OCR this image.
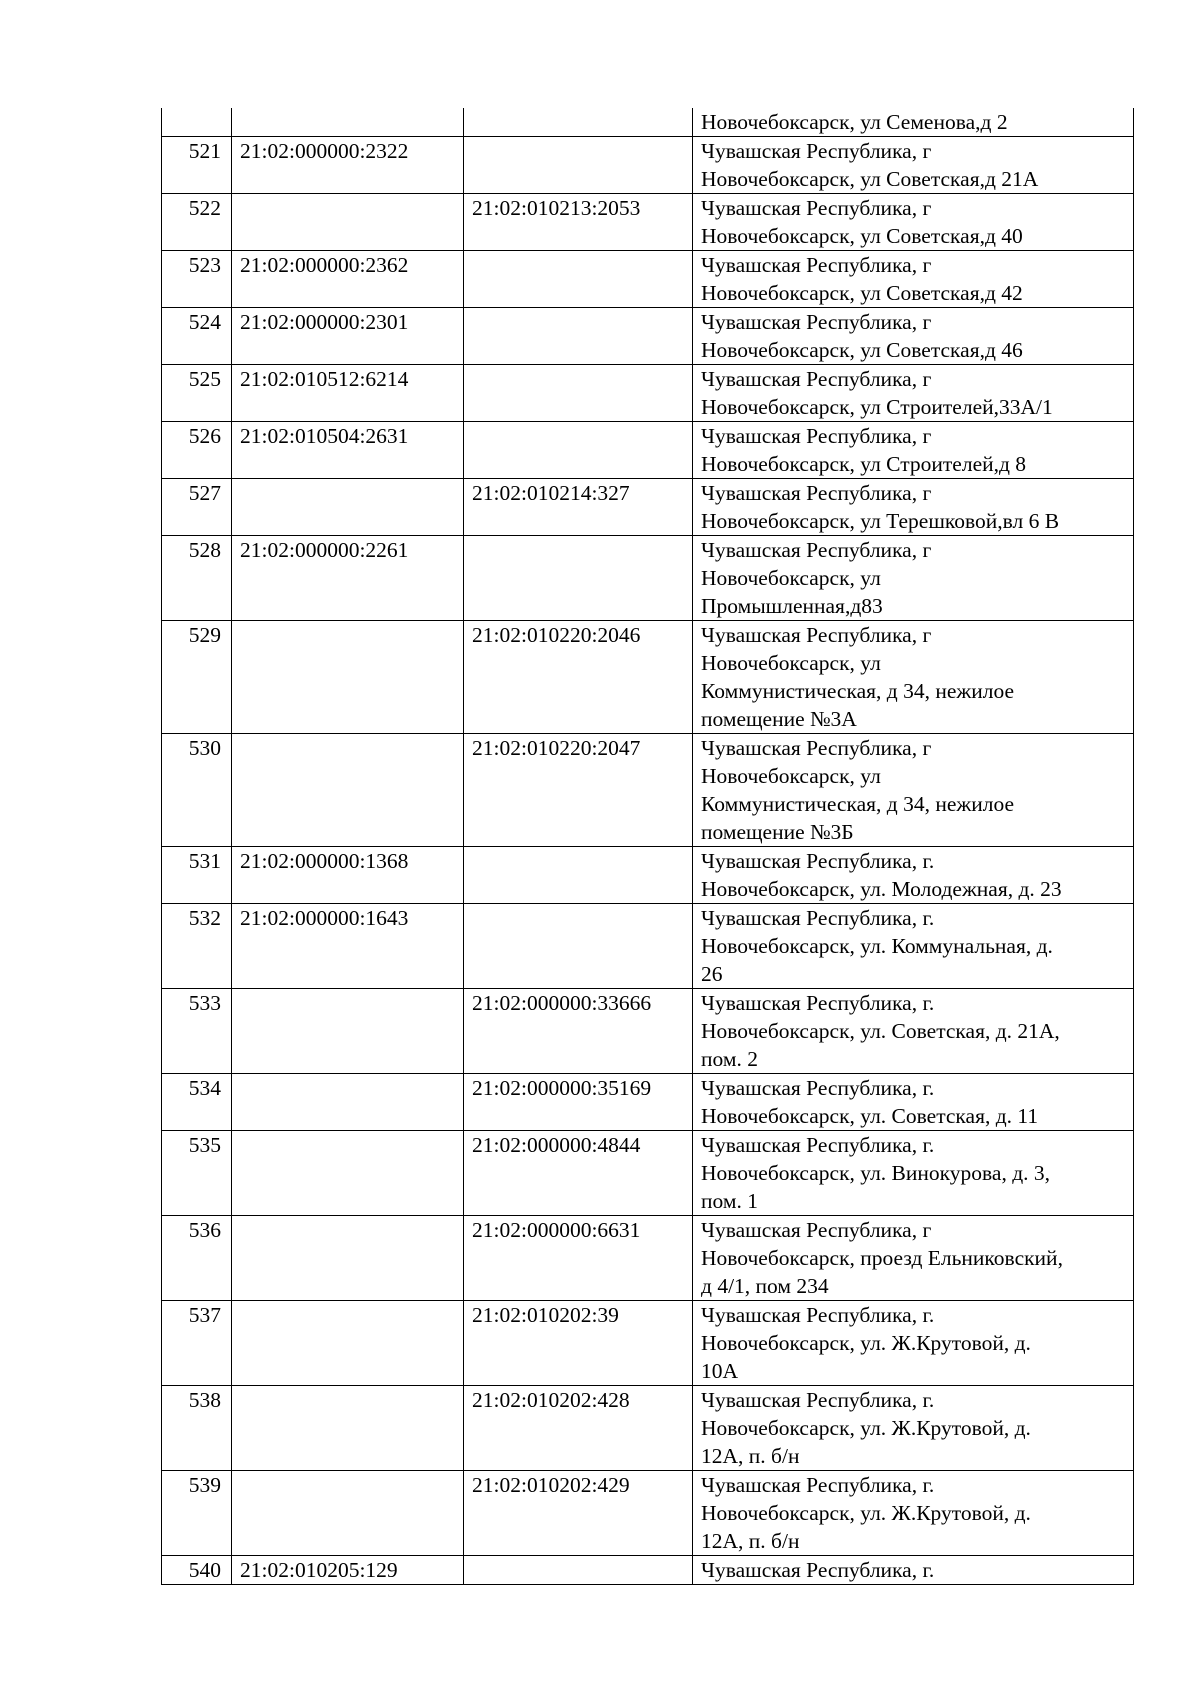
			Новочебоксарск, ул Семенова,д 2
521	21:02:000000:2322		Чувашская Республика, г
Новочебоксарск, ул Советская,д 21А
522		21:02:010213:2053	Чувашская Республика, г
Новочебоксарск, ул Советская,д 40
523	21:02:000000:2362		Чувашская Республика, г
Новочебоксарск, ул Советская,д 42
524	21:02:000000:2301		Чувашская Республика, г
Новочебоксарск, ул Советская,д 46
525	21:02:010512:6214		Чувашская Республика, г
Новочебоксарск, ул Строителей,33А/1
526	21:02:010504:2631		Чувашская Республика, г
Новочебоксарск, ул Строителей,д 8
527		21:02:010214:327	Чувашская Республика, г
Новочебоксарск, ул Терешковой,вл 6 В
528	21:02:000000:2261		Чувашская Республика, г
Новочебоксарск, ул
Промышленная,д83
529		21:02:010220:2046	Чувашская Республика, г
Новочебоксарск, ул
Коммунистическая, д 34, нежилое
помещение №3А
530		21:02:010220:2047	Чувашская Республика, г
Новочебоксарск, ул
Коммунистическая, д 34, нежилое
помещение №3Б
531	21:02:000000:1368		Чувашская Республика, г.
Новочебоксарск, ул. Молодежная, д. 23
532	21:02:000000:1643		Чувашская Республика, г.
Новочебоксарск, ул. Коммунальная, д.
26
533		21:02:000000:33666	Чувашская Республика, г.
Новочебоксарск, ул. Советская, д. 21А,
пом. 2
534		21:02:000000:35169	Чувашская Республика, г.
Новочебоксарск, ул. Советская, д. 11
535		21:02:000000:4844	Чувашская Республика, г.
Новочебоксарск, ул. Винокурова, д. 3,
пом. 1
536		21:02:000000:6631	Чувашская Республика, г
Новочебоксарск, проезд Ельниковский,
д 4/1, пом 234
537		21:02:010202:39	Чувашская Республика, г.
Новочебоксарск, ул. Ж.Крутовой, д.
10А
538		21:02:010202:428	Чувашская Республика, г.
Новочебоксарск, ул. Ж.Крутовой, д.
12А, п. б/н
539		21:02:010202:429	Чувашская Республика, г.
Новочебоксарск, ул. Ж.Крутовой, д.
12А, п. б/н
540	21:02:010205:129		Чувашская Республика, г.
